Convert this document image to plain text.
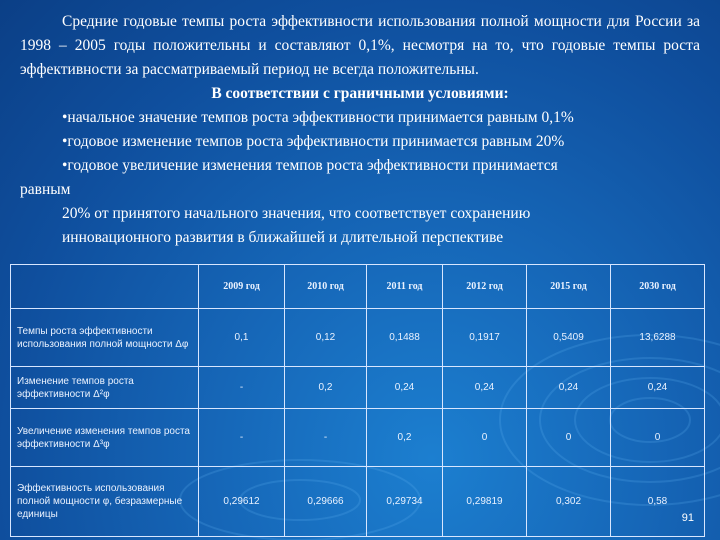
Средние годовые темпы роста эффективности использования полной мощности для России за 1998 – 2005 годы положительны и составляют 0,1%, несмотря на то, что годовые темпы роста эффективности за рассматриваемый период не всегда положительны.

В соответствии с граничными условиями:

•начальное значение темпов роста эффективности принимается равным 0,1%

•годовое изменение темпов роста эффективности принимается равным 20%

•годовое увеличение изменения темпов роста эффективности принимается

равным

20% от принятого начального значения, что соответствует сохранению

инновационного развития в ближайшей и длительной перспективе

	2009 год	2010 год	2011 год	2012 год	2015 год	2030 год
Темпы роста эффективности использования полной мощности Δφ	0,1	0,12	0,1488	0,1917	0,5409	13,6288
Изменение темпов роста эффективности Δ²φ	-	0,2	0,24	0,24	0,24	0,24
Увеличение изменения темпов роста эффективности Δ³φ	-	-	0,2	0	0	0
Эффективность использования полной мощности φ, безразмерные единицы	0,29612	0,29666	0,29734	0,29819	0,302	0,58
91
